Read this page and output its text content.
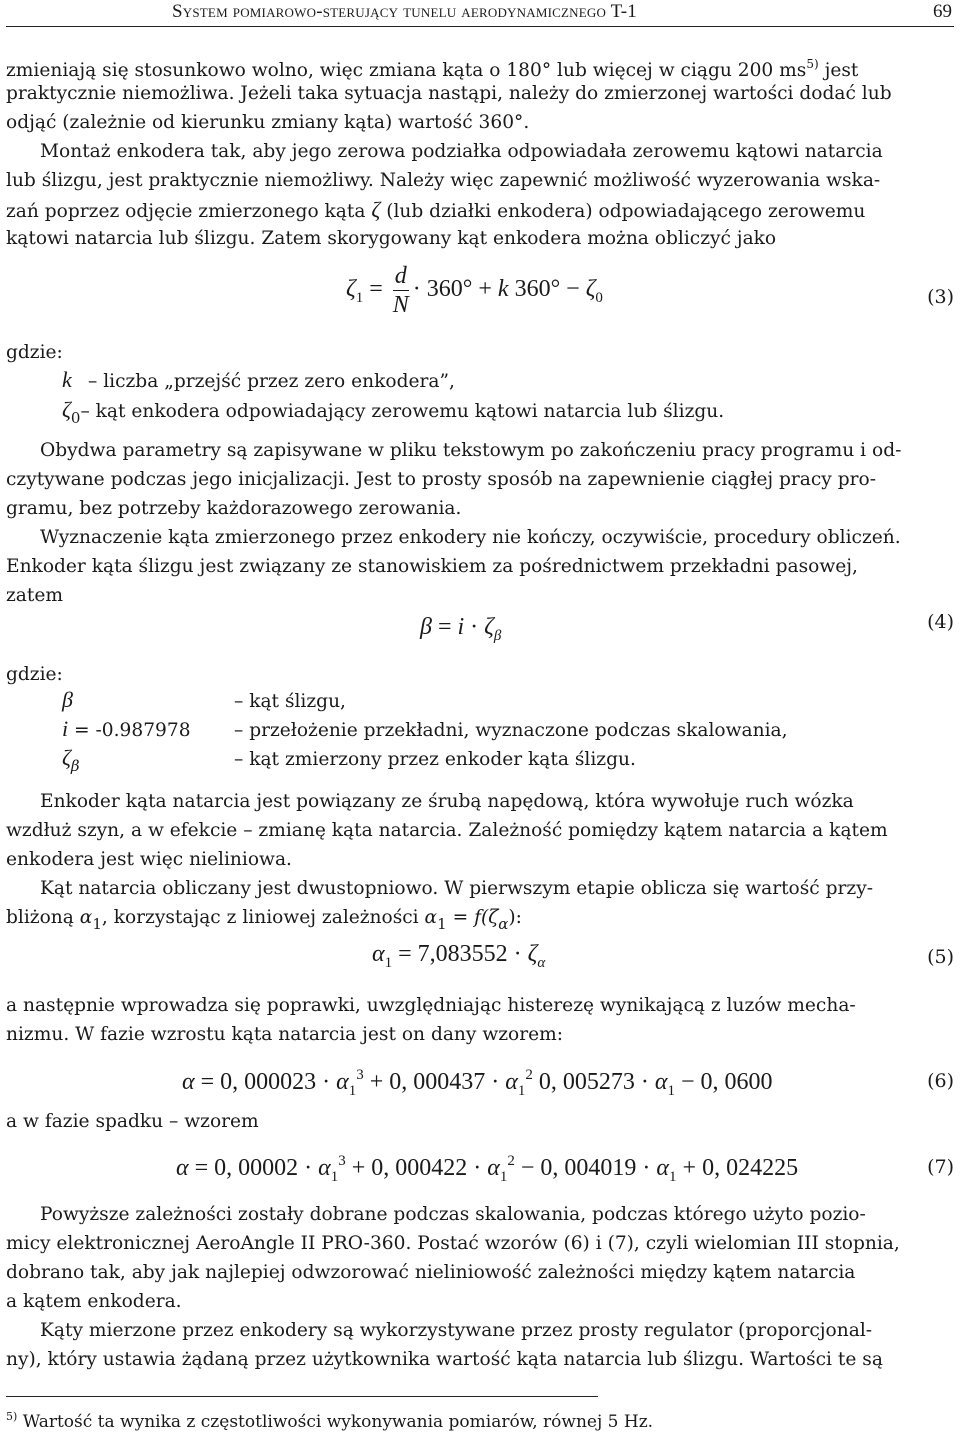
System pomiarowo-sterujący tunelu aerodynamicznego T-1	69
zmieniają się stosunkowo wolno, więc zmiana kąta o 180° lub więcej w ciągu 200 $ms^{5)}$ jest
praktycznie niemożliwa. Jeżeli taka sytuacja nastąpi, należy do zmierzonej wartości dodać lub
odjąć (zależnie od kierunku zmiany kąta) wartość 360°.
Montaż enkodera tak, aby jego zerowa podziałka odpowiadała zerowemu kątowi natarcia
lub ślizgu, jest praktycznie niemożliwy. Należy więc zapewnić możliwość wyzerowania wska-
zań poprzez odjęcie zmierzonego kąta ζ (lub działki enkodera) odpowiadającego zerowemu
kątowi natarcia lub ślizgu. Zatem skorygowany kąt enkodera można obliczyć jako
$\zeta_1 = \frac{d}{N} \cdot 360^\circ + k$ $360^\circ - \zeta_0$	(3)
gdzie:
k – liczba „przejść przez zero enkodera”,
$\zeta_0-$ kąt enkodera odpowiadający zerowemu kątowi natarcia lub ślizgu.
Obydwa parametry są zapisywane w pliku tekstowym po zakończeniu pracy programu i od-
czytywane podczas jego inicjalizacji. Jest to prosty sposób na zapewnienie ciągłej pracy pro-
gramu, bez potrzeby każdorazowego zerowania.
Wyznaczenie kąta zmierzonego przez enkodery nie kończy, oczywiście, procedury obliczeń.
Enkoder kąta ślizgu jest związany ze stanowiskiem za pośrednictwem przekładni pasowej,
zatem
$\beta = i \cdot \zeta_\beta$
(4)
gdzie:
β	– kąt ślizgu,
i = -0.987978 – przełożenie przekładni, wyznaczone podczas skalowania,
$\zeta_\beta$	– kąt zmierzony przez enkoder kąta ślizgu.
Enkoder kąta natarcia jest powiązany ze śrubą napędową, która wywołuje ruch wózka
wzdłuż szyn, a w efekcie – zmianę kąta natarcia. Zależność pomiędzy kątem natarcia a kątem
enkodera jest więc nieliniowa.
Kąt natarcia obliczany jest dwustopniowo. W pierwszym etapie oblicza się wartość przy-
bliżoną $\alpha_1$, korzystając z liniowej zależności $\alpha_1 = f(\zeta_\alpha)$:
$\alpha_1 = 7,083552 \cdot \zeta_\alpha$	(5)
a następnie wprowadza się poprawki, uwzględniając histerezę wynikającą z luzów mecha-
nizmu. W fazie wzrostu kąta natarcia jest on dany wzorem:
α = 0, $000023 \cdot \alpha_1^3 + 0$, $000437 \cdot \alpha_1^2$ 0, $005273 \cdot \alpha_1 - 0$, 0600	(6)
a w fazie spadku – wzorem
α = 0, $00002 \cdot \alpha_1^3 + 0$, $000422 \cdot \alpha_1^2 - 0$, $004019 \cdot \alpha_1 + 0$, 024225	(7)
Powyższe zależności zostały dobrane podczas skalowania, podczas którego użyto pozio-
micy elektronicznej AeroAngle II PRO-360. Postać wzorów (6) i (7), czyli wielomian III stopnia,
dobrano tak, aby jak najlepiej odwzorować nieliniowość zależności między kątem natarcia
a kątem enkodera.
Kąty mierzone przez enkodery są wykorzystywane przez prosty regulator (proporcjonal-
ny), który ustawia żądaną przez użytkownika wartość kąta natarcia lub ślizgu. Wartości te są
$^{5)}$ Wartość ta wynika z częstotliwości wykonywania pomiarów, równej 5 Hz.
